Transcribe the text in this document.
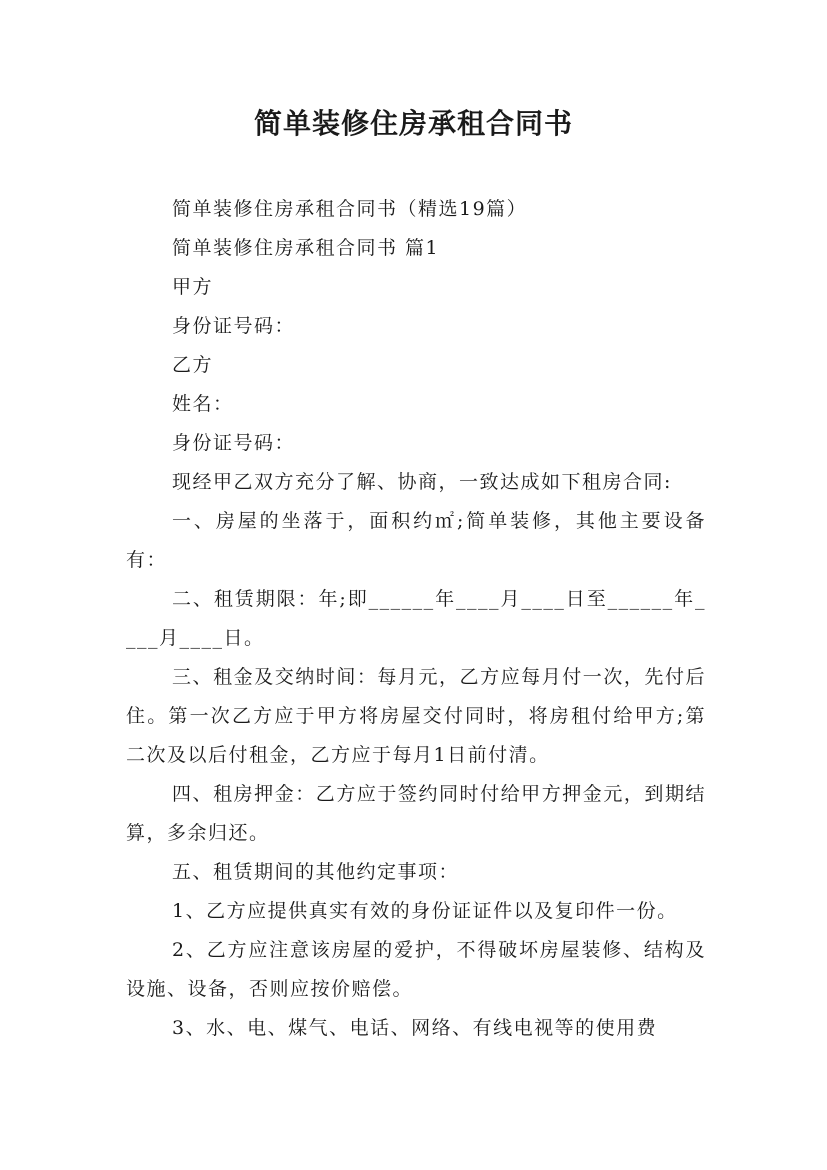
简单装修住房承租合同书

简单装修住房承租合同书（精选19篇）

简单装修住房承租合同书 篇1

甲方

身份证号码：

乙方

姓名：

身份证号码：

现经甲乙双方充分了解、协商，一致达成如下租房合同:

一、房屋的坐落于，面积约㎡;简单装修，其他主要设备有：

二、租赁期限：年;即______年____月____日至______年____月____日。

三、租金及交纳时间：每月元，乙方应每月付一次，先付后住。第一次乙方应于甲方将房屋交付同时，将房租付给甲方;第二次及以后付租金，乙方应于每月1日前付清。

四、租房押金：乙方应于签约同时付给甲方押金元，到期结算，多余归还。

五、租赁期间的其他约定事项：

1、乙方应提供真实有效的身份证证件以及复印件一份。

2、乙方应注意该房屋的爱护，不得破坏房屋装修、结构及设施、设备，否则应按价赔偿。

3、水、电、煤气、电话、网络、有线电视等的使用费
